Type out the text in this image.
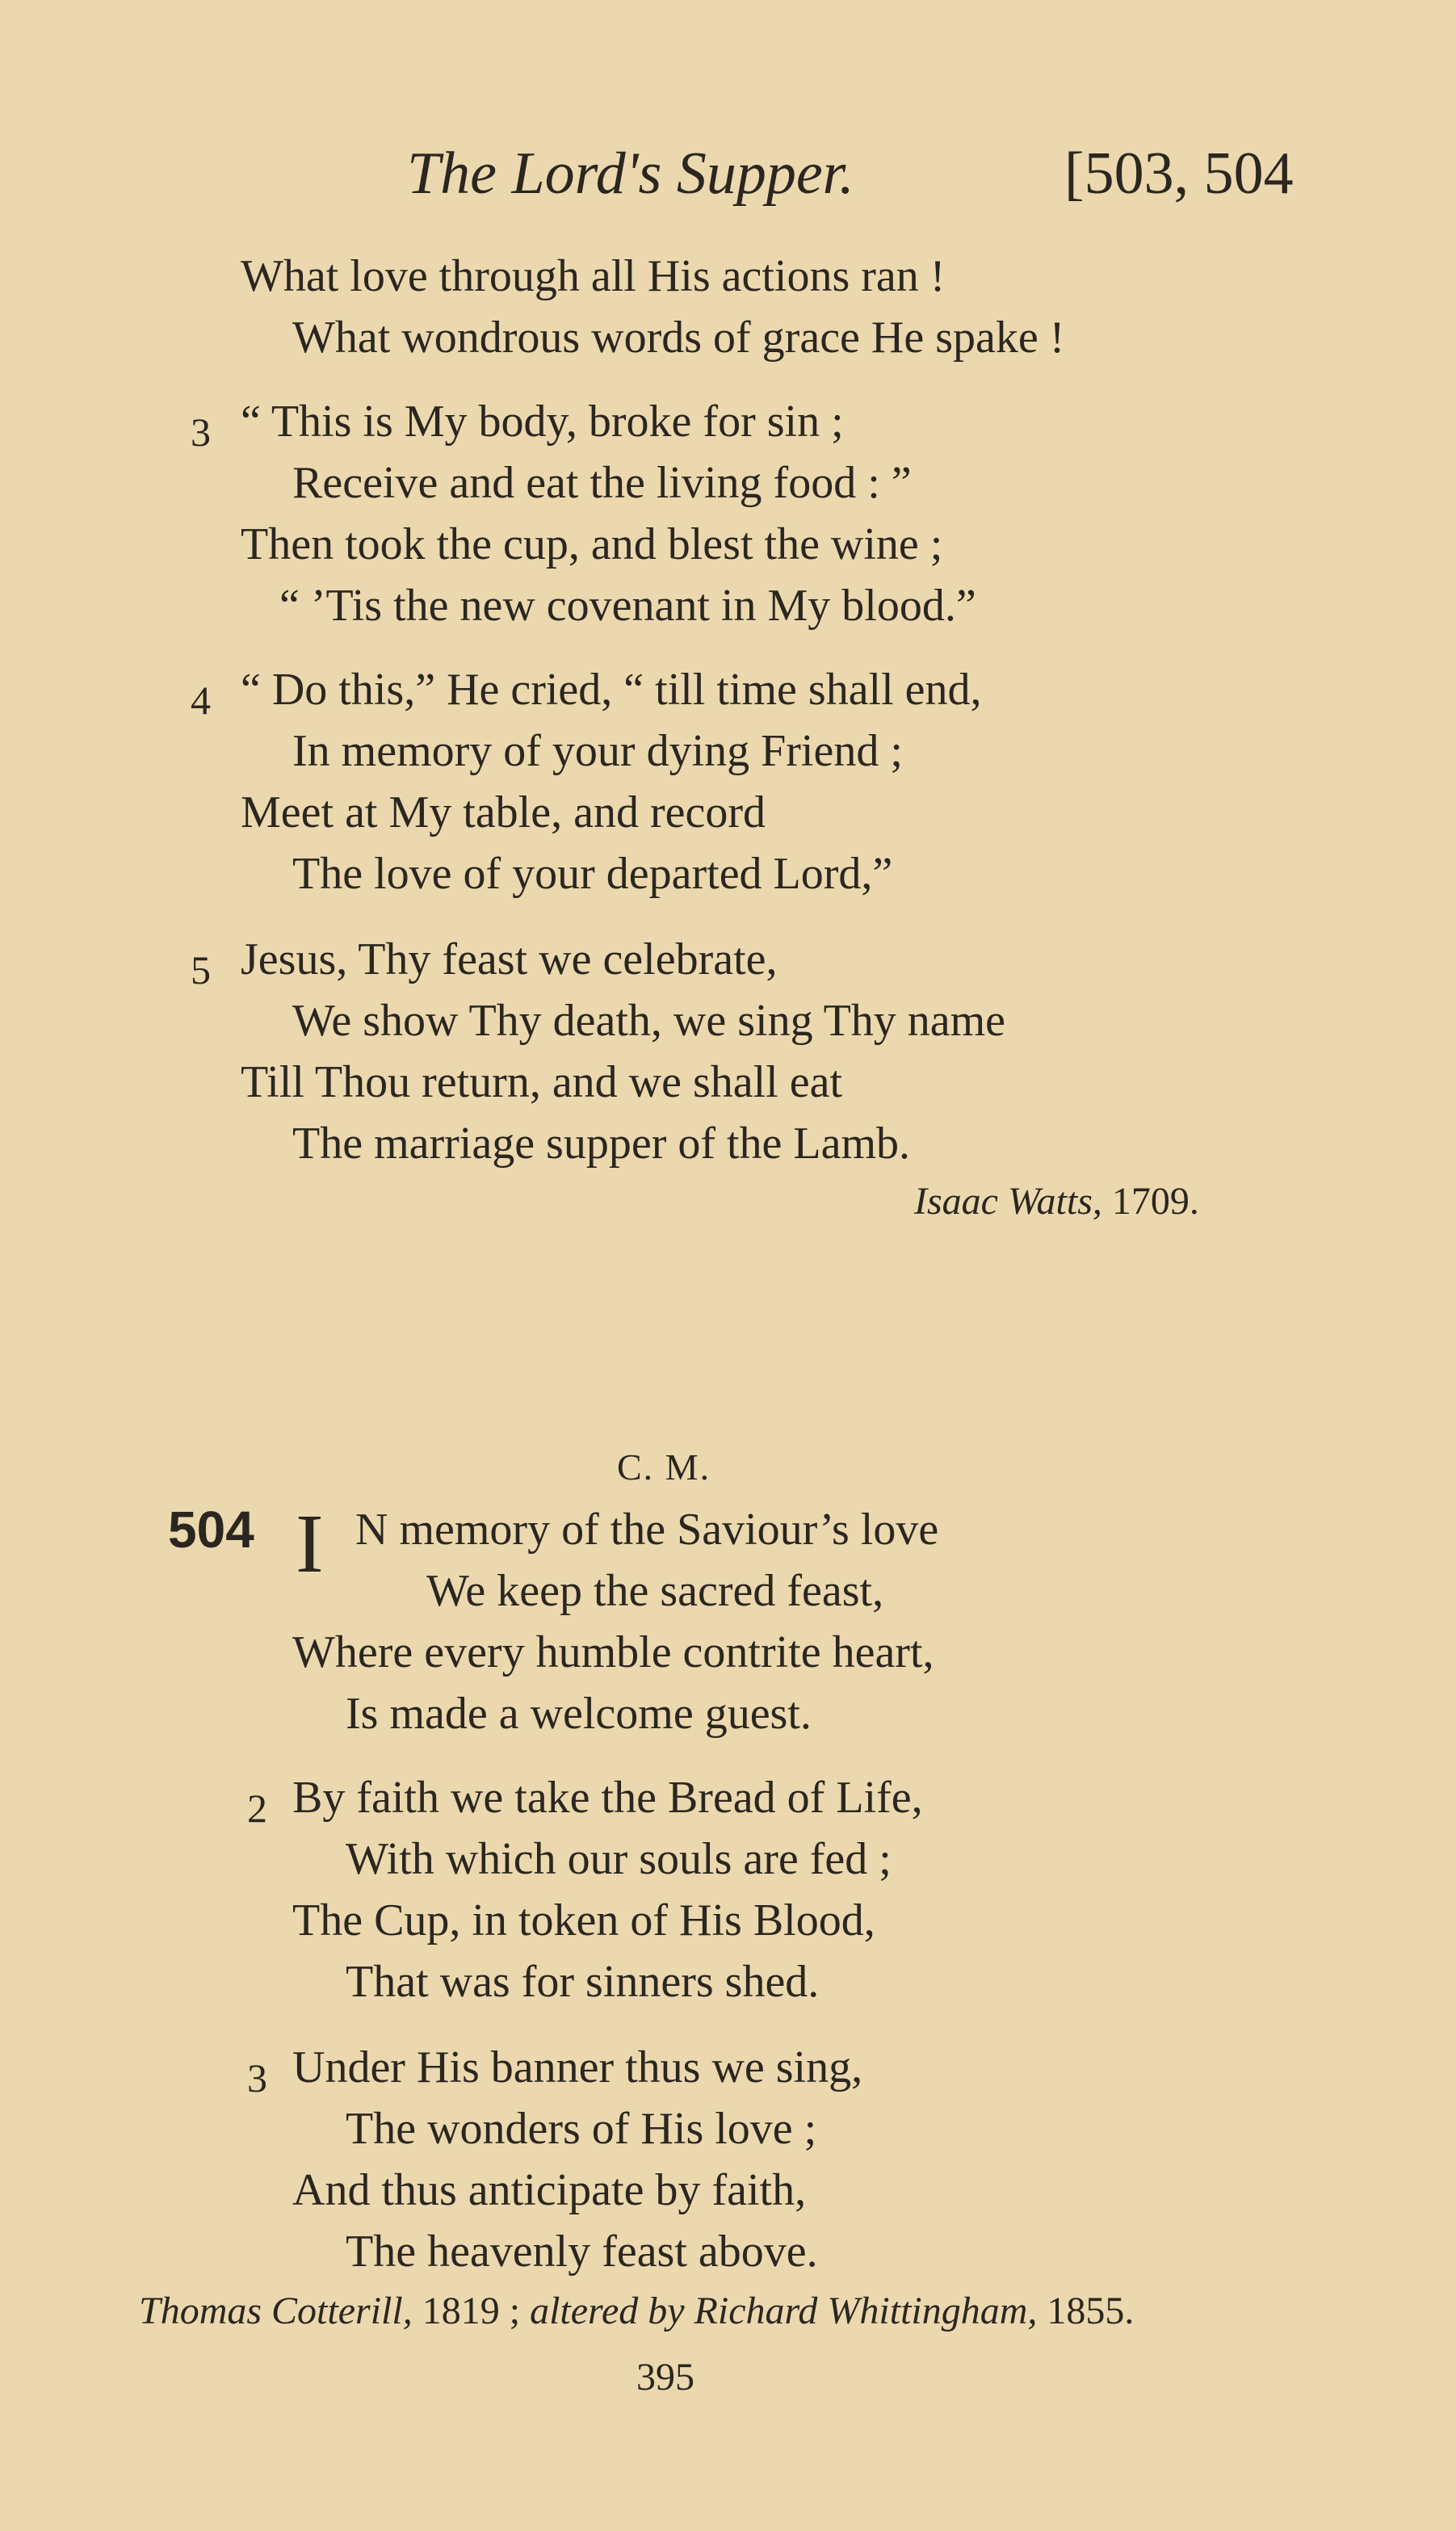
The Lord's Supper.	[503, 504
What love through all His actions ran !
What wondrous words of grace He spake !
3 “ This is My body, broke for sin ;
Receive and eat the living food : ”
Then took the cup, and blest the wine ;
“ ’Tis the new covenant in My blood.”
4 “ Do this,” He cried, “ till time shall end,
In memory of your dying Friend ;
Meet at My table, and record
The love of your departed Lord,”
5 Jesus, Thy feast we celebrate,
We show Thy death, we sing Thy name
Till Thou return, and we shall eat
The marriage supper of the Lamb.
Isaac Watts, 1709.
C. M.
504 I N memory of the Saviour’s love
We keep the sacred feast,
Where every humble contrite heart,
Is made a welcome guest.
2 By faith we take the Bread of Life,
With which our souls are fed ;
The Cup, in token of His Blood,
That was for sinners shed.
3 Under His banner thus we sing,
The wonders of His love ;
And thus anticipate by faith,
The heavenly feast above.
Thomas Cotterill, 1819 ; altered by Richard Whittingham, 1855.
395
